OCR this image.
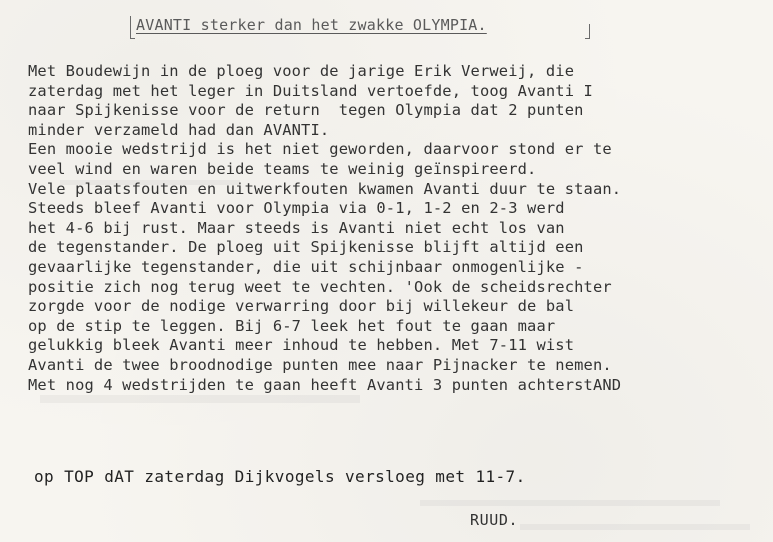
AVANTI sterker dan het zwakke OLYMPIA.
Met Boudewijn in de ploeg voor de jarige Erik Verweij, die
zaterdag met het leger in Duitsland vertoefde, toog Avanti I
naar Spijkenisse voor de return  tegen Olympia dat 2 punten
minder verzameld had dan AVANTI.
Een mooie wedstrijd is het niet geworden, daarvoor stond er te
veel wind en waren beide teams te weinig geïnspireerd.
Vele plaatsfouten en uitwerkfouten kwamen Avanti duur te staan.
Steeds bleef Avanti voor Olympia via 0-1, 1-2 en 2-3 werd
het 4-6 bij rust. Maar steeds is Avanti niet echt los van
de tegenstander. De ploeg uit Spijkenisse blijft altijd een
gevaarlijke tegenstander, die uit schijnbaar onmogenlijke -
positie zich nog terug weet te vechten. 'Ook de scheidsrechter
zorgde voor de nodige verwarring door bij willekeur de bal
op de stip te leggen. Bij 6-7 leek het fout te gaan maar
gelukkig bleek Avanti meer inhoud te hebben. Met 7-11 wist
Avanti de twee broodnodige punten mee naar Pijnacker te nemen.
Met nog 4 wedstrijden te gaan heeft Avanti 3 punten achterstAND
op TOP dAT zaterdag Dijkvogels versloeg met 11-7.
RUUD.
